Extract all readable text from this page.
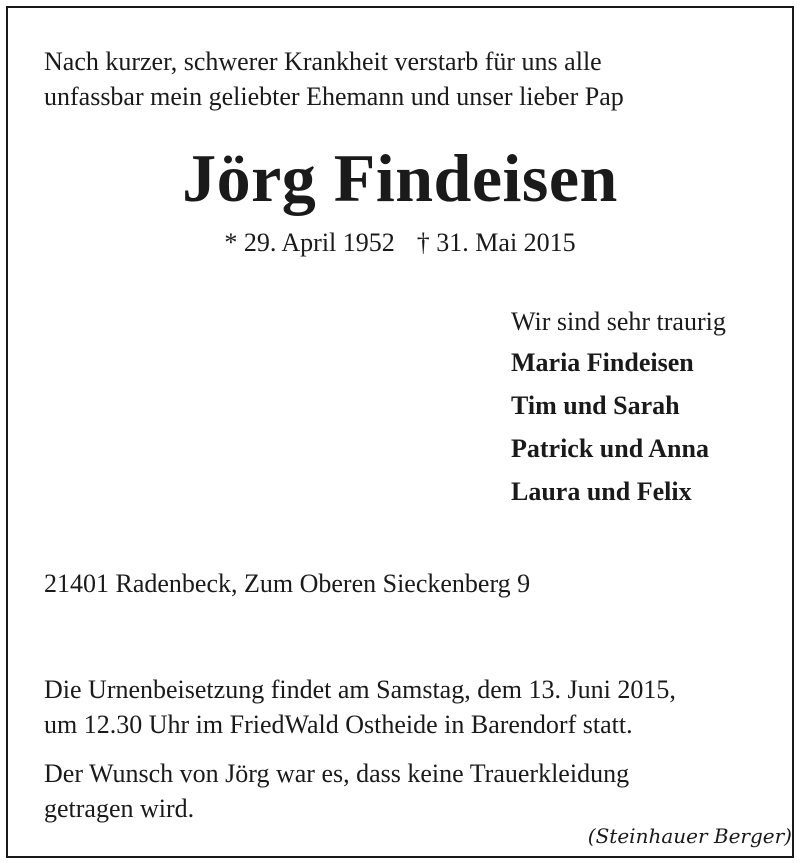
Nach kurzer, schwerer Krankheit verstarb für uns alle
unfassbar mein geliebter Ehemann und unser lieber Pap
Jörg Findeisen
* 29. April 1952 † 31. Mai 2015
Wir sind sehr traurig
Maria Findeisen
Tim und Sarah
Patrick und Anna
Laura und Felix
21401 Radenbeck, Zum Oberen Sieckenberg 9
Die Urnenbeisetzung findet am Samstag, dem 13. Juni 2015,
um 12.30 Uhr im FriedWald Ostheide in Barendorf statt.
Der Wunsch von Jörg war es, dass keine Trauerkleidung
getragen wird.
(Steinhauer Berger)
